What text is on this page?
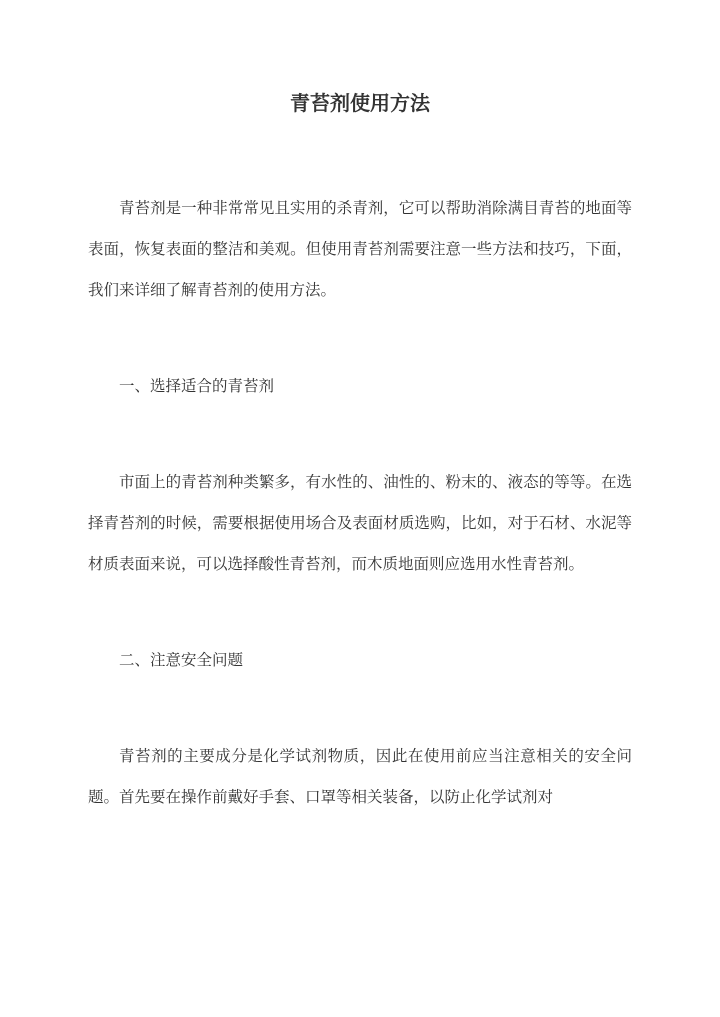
青苔剂使用方法

青苔剂是一种非常常见且实用的杀青剂，它可以帮助消除满目青苔的地面等表面，恢复表面的整洁和美观。但使用青苔剂需要注意一些方法和技巧，下面，我们来详细了解青苔剂的使用方法。

一、选择适合的青苔剂

市面上的青苔剂种类繁多，有水性的、油性的、粉末的、液态的等等。在选择青苔剂的时候，需要根据使用场合及表面材质选购，比如，对于石材、水泥等材质表面来说，可以选择酸性青苔剂，而木质地面则应选用水性青苔剂。

二、注意安全问题

青苔剂的主要成分是化学试剂物质，因此在使用前应当注意相关的安全问题。首先要在操作前戴好手套、口罩等相关装备，以防止化学试剂对
